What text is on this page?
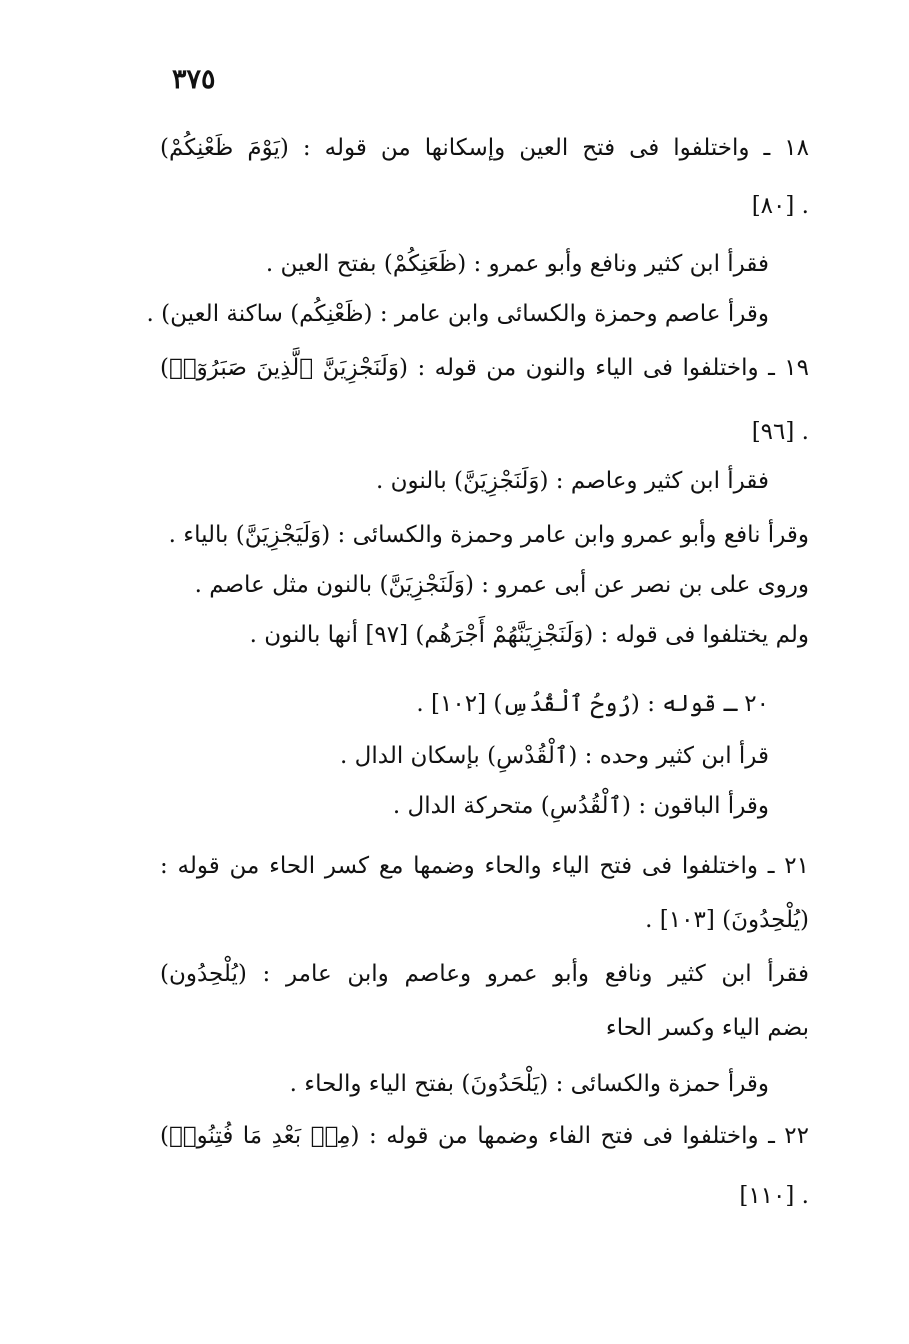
٣٧٥
١٨ ـ واختلفوا فى فتح العين وإسكانها من قوله : (يَوْمَ ظَعْنِكُمْ)
[٨٠] .
فقرأ ابن كثير ونافع وأبو عمرو : (ظَعَنِكُمْ) بفتح العين .
وقرأ عاصم وحمزة والكسائى وابن عامر : (ظَعْنِكُم) ساكنة العين) .
١٩ ـ واختلفوا فى الياء والنون من قوله : (وَلَنَجْزِيَنَّ ٱلَّذِينَ صَبَرُوٓا۟)
[٩٦] .
فقرأ ابن كثير وعاصم : (وَلَنَجْزِيَنَّ) بالنون .
وقرأ نافع وأبو عمرو وابن عامر وحمزة والكسائى : (وَلَيَجْزِيَنَّ) بالياء .
وروى على بن نصر عن أبى عمرو : (وَلَنَجْزِيَنَّ) بالنون مثل عاصم .
ولم يختلفوا فى قوله : (وَلَنَجْزِيَنَّهُمْ أَجْرَهُم) [٩٧] أنها بالنون .
٢٠ ـ قوله : (رُوحُ ٱلْقُدُسِ) [١٠٢] .
قرأ ابن كثير وحده : (ٱلْقُدْسِ) بإسكان الدال .
وقرأ الباقون : (ٱلْقُدُسِ) متحركة الدال .
٢١ ـ واختلفوا فى فتح الياء والحاء وضمها مع كسر الحاء من قوله :
(يُلْحِدُونَ) [١٠٣] .
فقرأ ابن كثير ونافع وأبو عمرو وعاصم وابن عامر : (يُلْحِدُون)
بضم الياء وكسر الحاء
وقرأ حمزة والكسائى : (يَلْحَدُونَ) بفتح الياء والحاء .
٢٢ ـ واختلفوا فى فتح الفاء وضمها من قوله : (مِنۢ بَعْدِ مَا فُتِنُوا۟)
[١١٠] .
